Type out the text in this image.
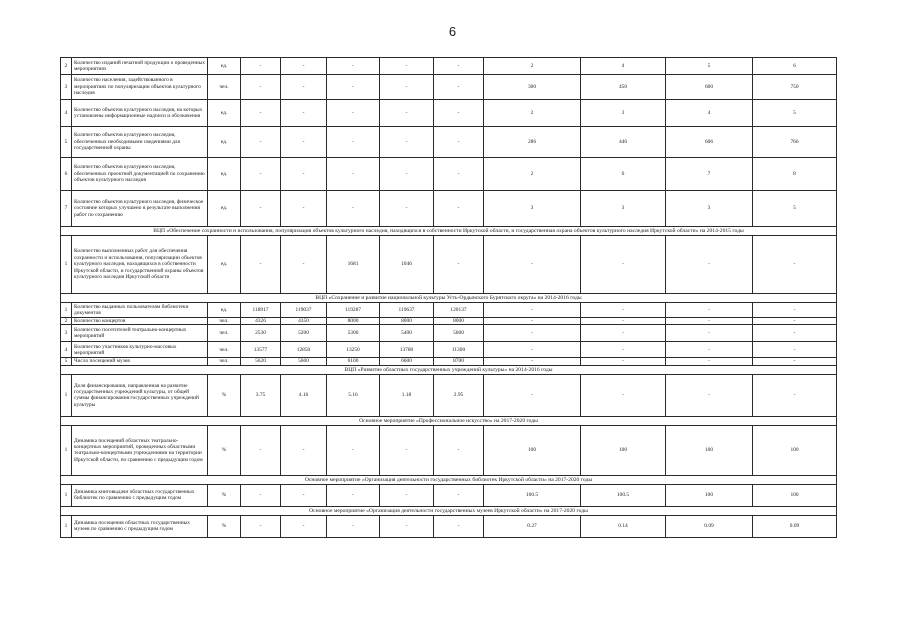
6
2	Количество изданий печатной продукции о проведенных мероприятиях	ед.	-	-	-	-	-	2	4	5	6
3	Количество населения, задействованного в мероприятиях по популяризации объектов культурного наследия	чел.	-	-	-	-	-	300	450	600	750
4	Количество объектов культурного наследия, на которых установлены информационные надписи и обозначения	ед.	-	-	-	-	-	2	3	4	5
5	Количество объектов культурного наследия, обеспеченных необходимыми сведениями для государственной охраны	ед.	-	-	-	-	-	286	446	606	766
6	Количество объектов культурного наследия, обеспеченных проектной документацией по сохранению объектов культурного наследия	ед.	-	-	-	-	-	2	6	7	8
7	Количество объектов культурного наследия, физическое состояние которых улучшено в результате выполнения работ по сохранению	ед.	-	-	-	-	-	3	3	3	5
ВЦП «Обеспечение сохранности и использования, популяризация объектов культурного наследия, находящихся в собственности Иркутской области, и государственная охрана объектов культурного наследия Иркутской области» на 2014-2015 годы											
1	Количество выполненных работ для обеспечения сохранности и использования, популяризации объектов культурного наследия, находящихся в собственности Иркутской области, и государственной охраны объектов культурного наследия Иркутской области	ед.	-	-	1681	1046	-	-	-	-	-
ВЦП «Сохранение и развитие национальной культуры Усть-Ордынского Бурятского округа» на 2014-2016 годы											
1	Количество выданных пользователям библиотеки документов	ед.	118917	119037	119287	119637	120137	-	-	-	-
2	Количество концертов	чел.	4326	4350	8000	8000	8000	-	-	-	-
3	Количество посетителей театрально-концертных мероприятий	чел.	2530	5200	5300	5400	5600	-	-	-	-
4	Количество участников культурно-массовых мероприятий	чел.	13577	12850	13250	13780	11300	-	-	-	-
5	Число посещений музея	чел.	5620	5600	6100	6600	8700	-	-	-	-
ВЦП «Развитие областных государственных учреждений культуры» на 2014-2016 годы											
1	Доля финансирования, направленная на развитие государственных учреждений культуры, от общей суммы финансирования государственных учреждений культуры	%	3.75	4.16	5.16	1.18	2.95	-	-	-	-
Основное мероприятие «Профессиональное искусство» на 2017-2020 годы											
1	Динамика посещений областных театрально-концертных мероприятий, проведенных областными театрально-концертными учреждениями на территории Иркутской области, по сравнению с предыдущим годом	%	-	-	-	-	-	100	100	100	100
Основное мероприятие «Организация деятельности государственных библиотек Иркутской области» на 2017-2020 годы											
1	Динамика книговыдачи областных государственных библиотек по сравнению с предыдущим годом	%	-	-	-	-	-	100.5	100.5	100	100
Основное мероприятие «Организация деятельности государственных музеев Иркутской области» на 2017-2020 годы											
1	Динамика посещения областных государственных музеев по сравнению с предыдущим годом	%	-	-	-	-	-	0.27	0.14	0.09	0.09
